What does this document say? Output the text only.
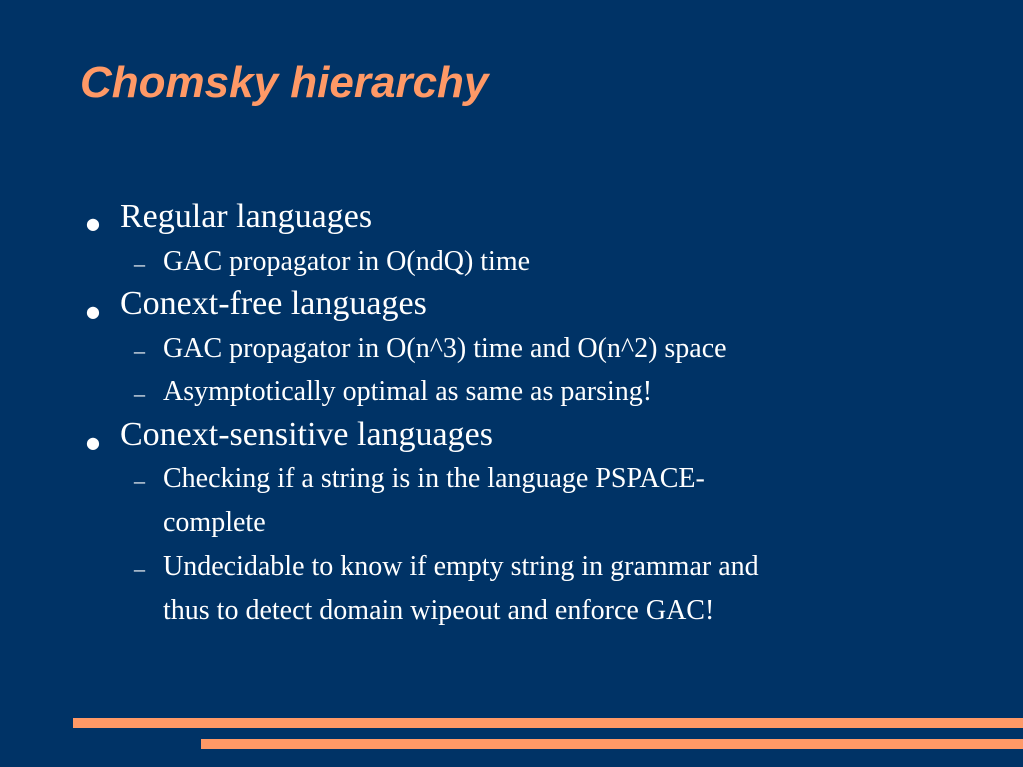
Chomsky hierarchy
● Regular languages
– GAC propagator in O(ndQ) time
● Conext-free languages
– GAC propagator in O(n^3) time and O(n^2) space
– Asymptotically optimal as same as parsing!
● Conext-sensitive languages
– Checking if a string is in the language PSPACE-
complete
– Undecidable to know if empty string in grammar and
thus to detect domain wipeout and enforce GAC!
